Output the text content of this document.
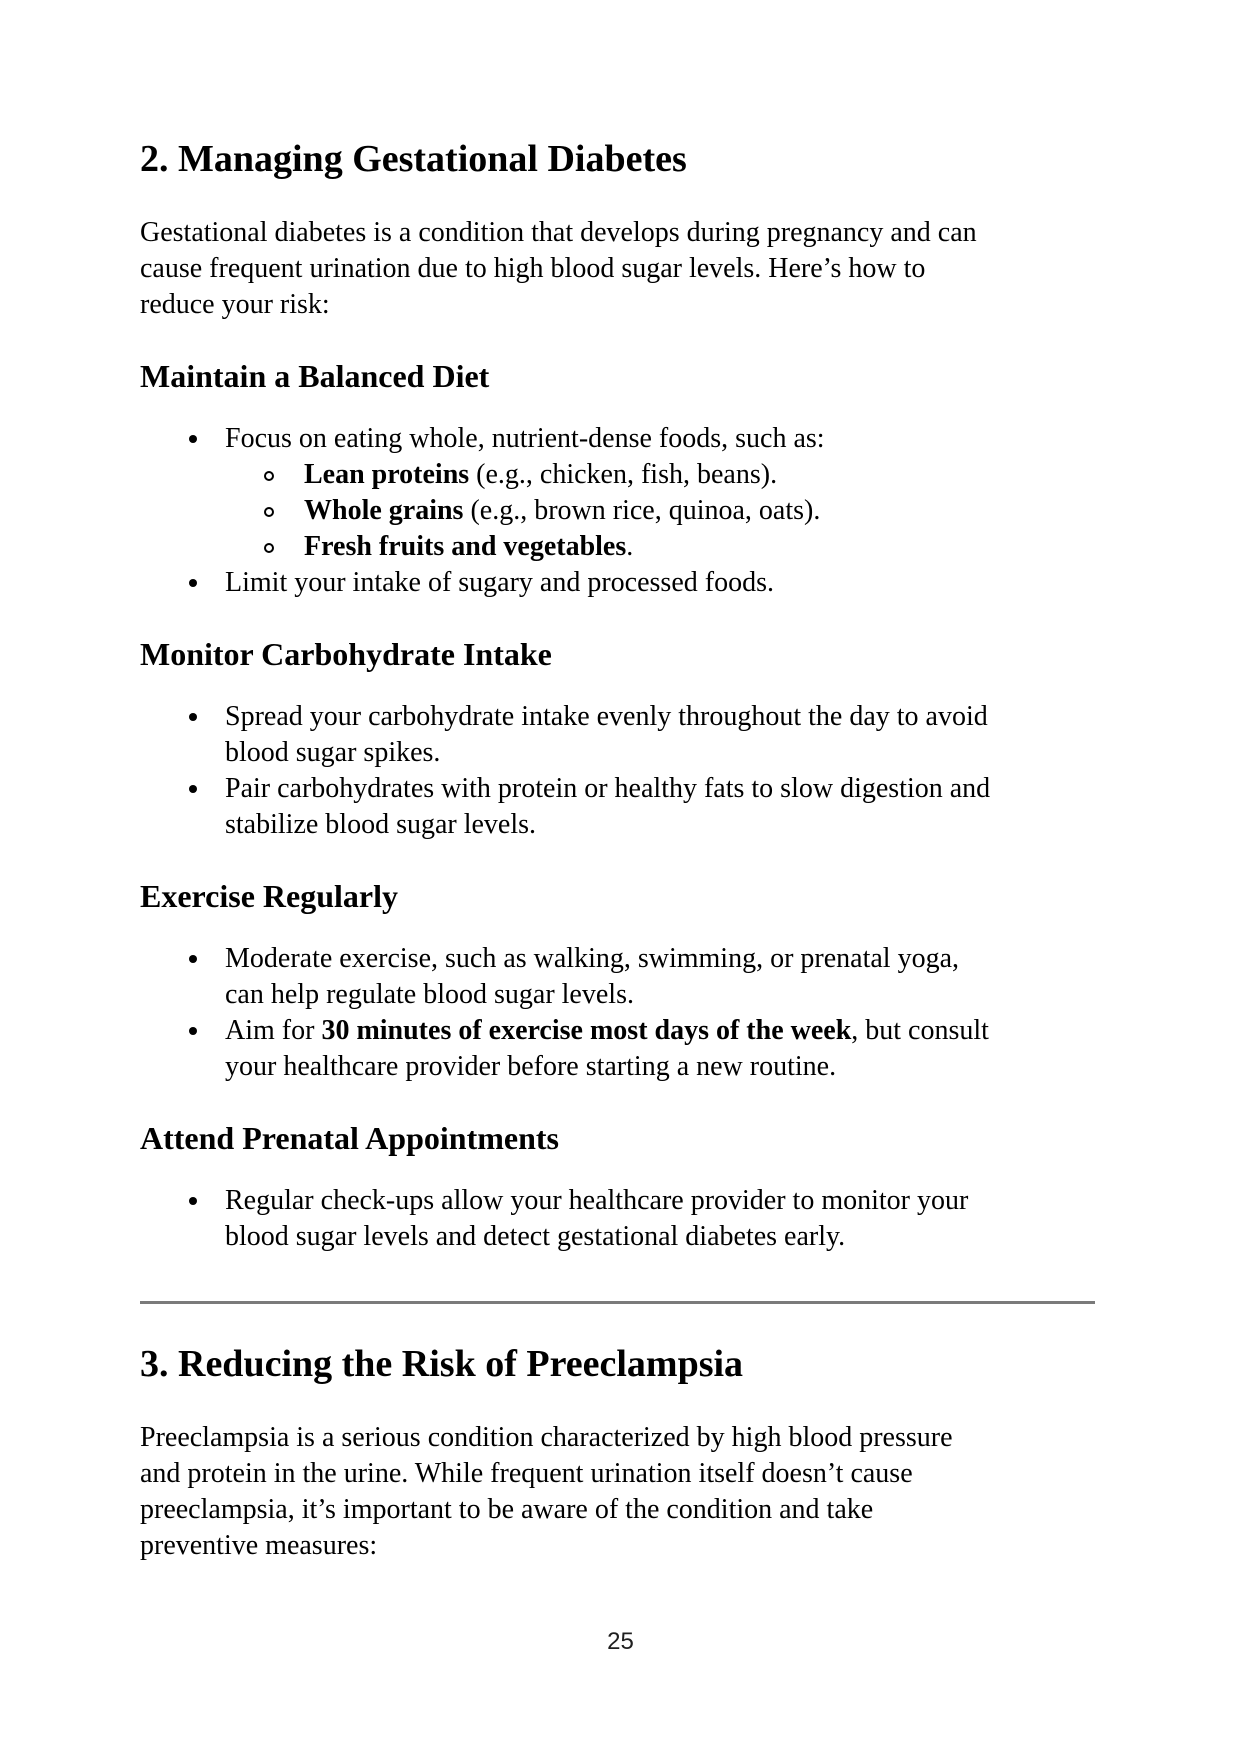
2. Managing Gestational Diabetes
Gestational diabetes is a condition that develops during pregnancy and can
cause frequent urination due to high blood sugar levels. Here’s how to
reduce your risk:
Maintain a Balanced Diet
Focus on eating whole, nutrient-dense foods, such as:
Lean proteins (e.g., chicken, fish, beans).
Whole grains (e.g., brown rice, quinoa, oats).
Fresh fruits and vegetables.
Limit your intake of sugary and processed foods.
Monitor Carbohydrate Intake
Spread your carbohydrate intake evenly throughout the day to avoid
blood sugar spikes.
Pair carbohydrates with protein or healthy fats to slow digestion and
stabilize blood sugar levels.
Exercise Regularly
Moderate exercise, such as walking, swimming, or prenatal yoga,
can help regulate blood sugar levels.
Aim for 30 minutes of exercise most days of the week, but consult
your healthcare provider before starting a new routine.
Attend Prenatal Appointments
Regular check-ups allow your healthcare provider to monitor your
blood sugar levels and detect gestational diabetes early.
3. Reducing the Risk of Preeclampsia
Preeclampsia is a serious condition characterized by high blood pressure
and protein in the urine. While frequent urination itself doesn’t cause
preeclampsia, it’s important to be aware of the condition and take
preventive measures:
25
